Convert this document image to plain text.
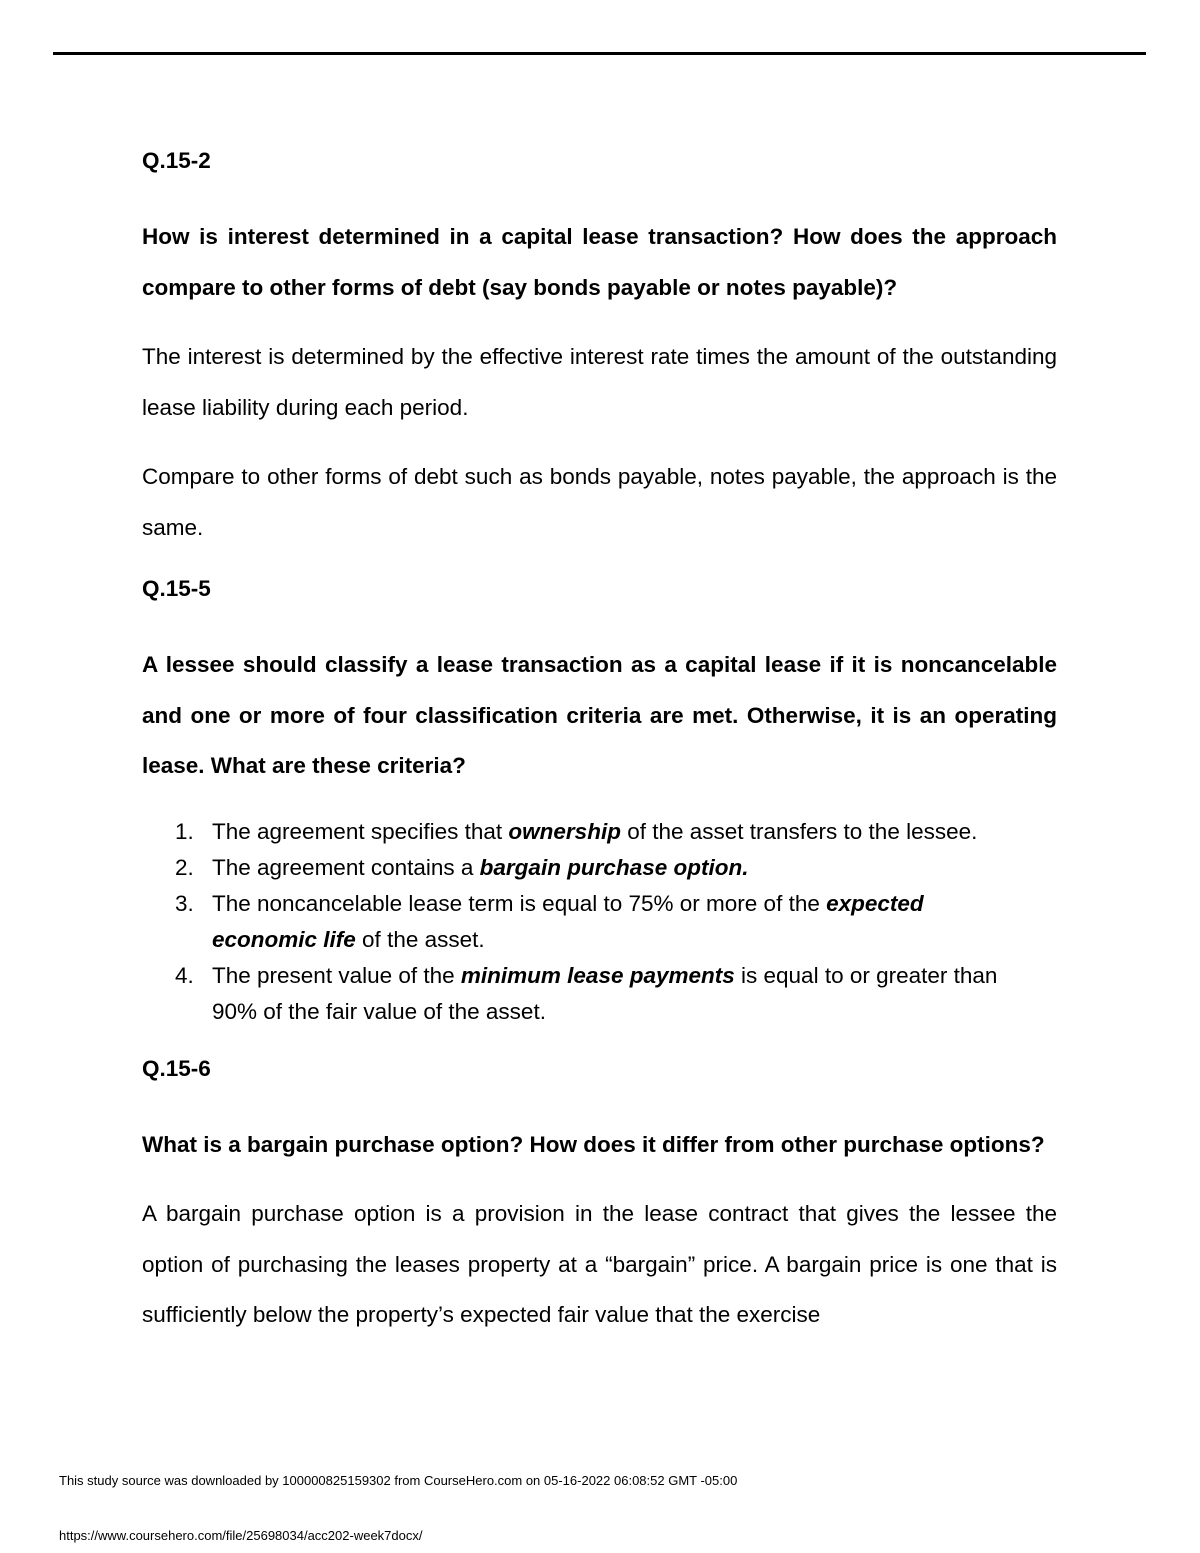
Q.15-2

How is interest determined in a capital lease transaction? How does the approach compare to other forms of debt (say bonds payable or notes payable)?

The interest is determined by the effective interest rate times the amount of the outstanding lease liability during each period.

Compare to other forms of debt such as bonds payable, notes payable, the approach is the same.

Q.15-5

A lessee should classify a lease transaction as a capital lease if it is noncancelable and one or more of four classification criteria are met. Otherwise, it is an operating lease. What are these criteria?

1. The agreement specifies that ownership of the asset transfers to the lessee.
2. The agreement contains a bargain purchase option.
3. The noncancelable lease term is equal to 75% or more of the expected economic life of the asset.
4. The present value of the minimum lease payments is equal to or greater than 90% of the fair value of the asset.

Q.15-6

What is a bargain purchase option? How does it differ from other purchase options?

A bargain purchase option is a provision in the lease contract that gives the lessee the option of purchasing the leases property at a “bargain” price. A bargain price is one that is sufficiently below the property’s expected fair value that the exercise

This study source was downloaded by 100000825159302 from CourseHero.com on 05-16-2022 06:08:52 GMT -05:00
https://www.coursehero.com/file/25698034/acc202-week7docx/
